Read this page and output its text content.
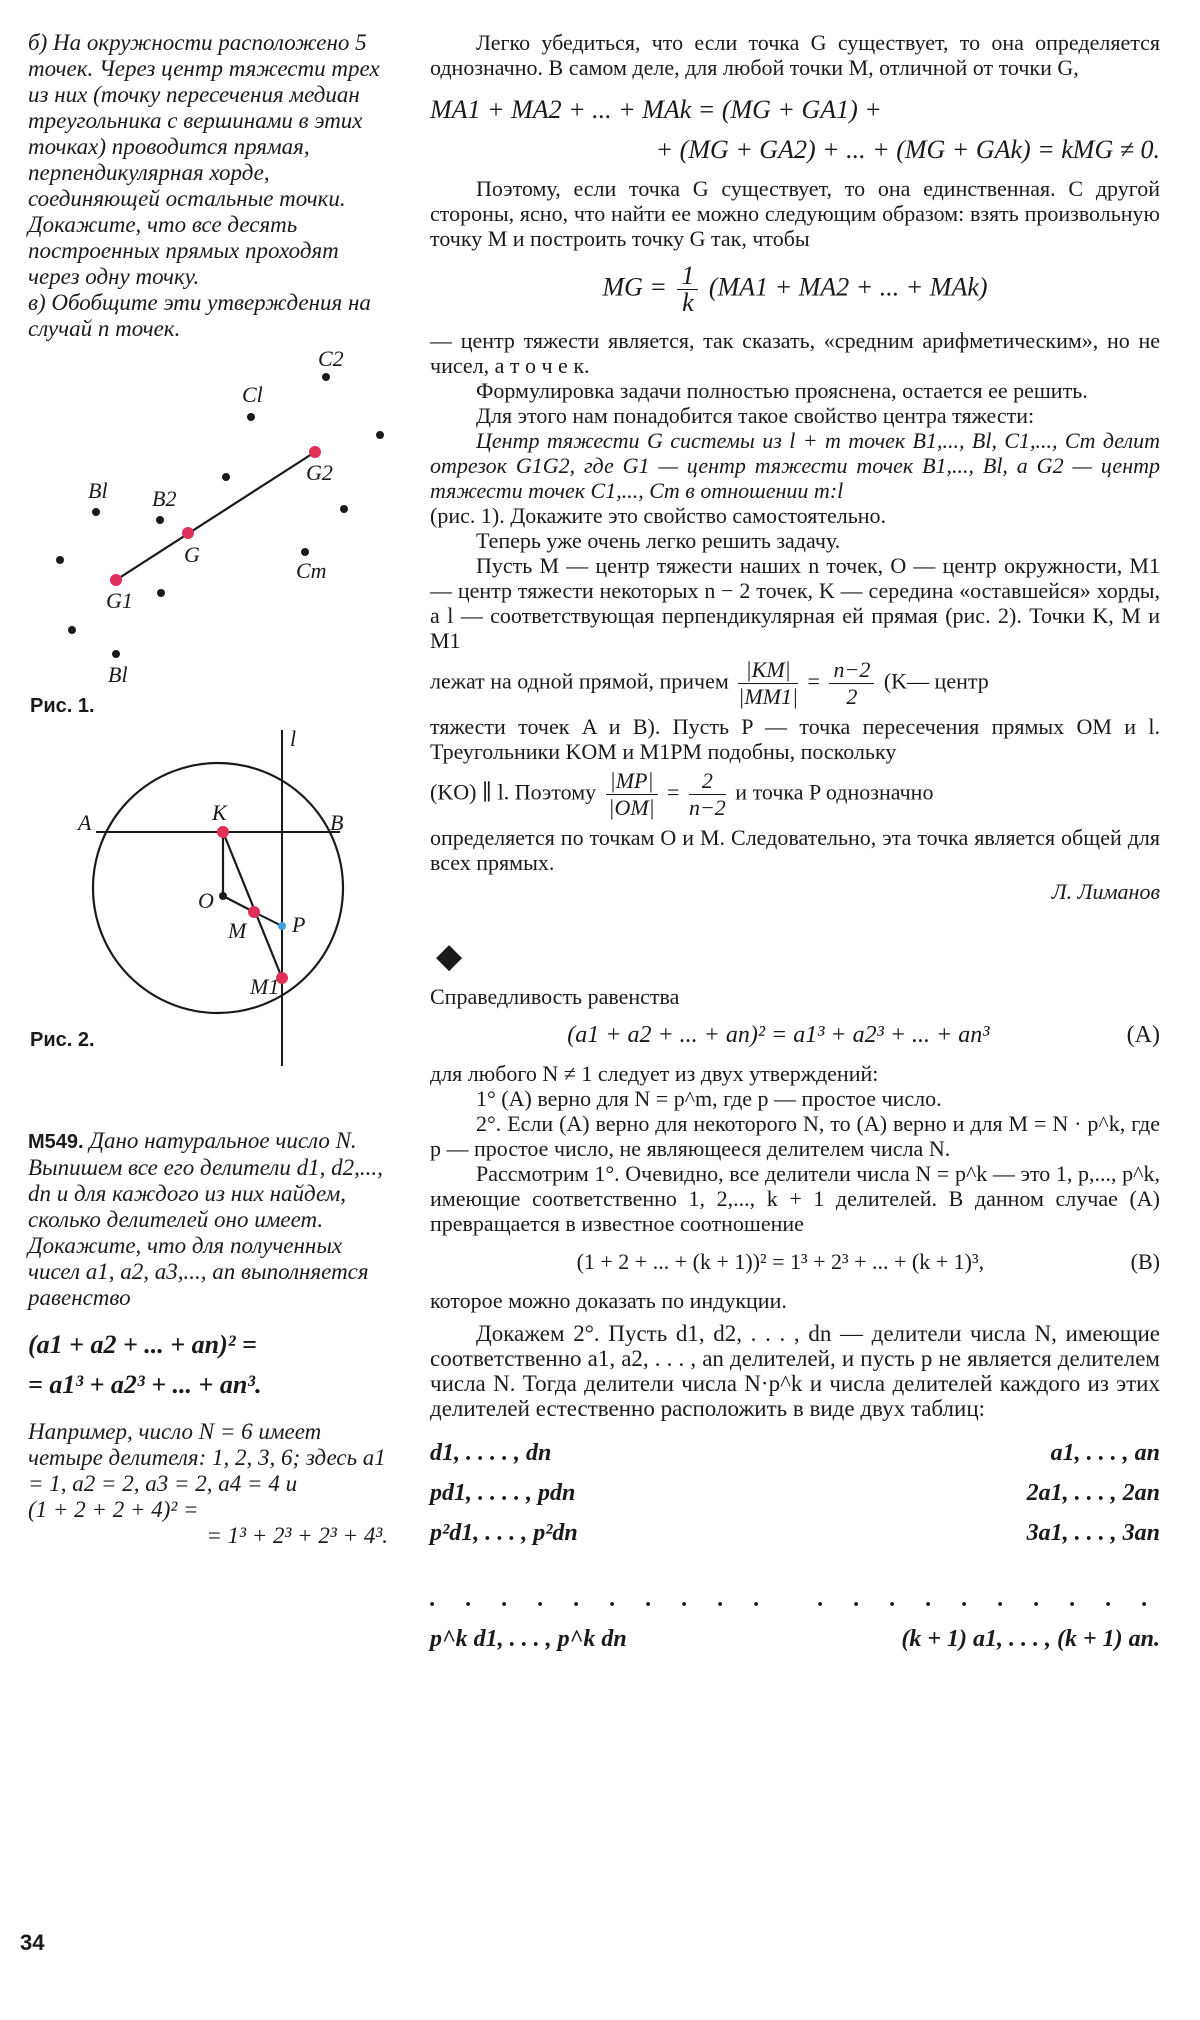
б) На окружности расположено 5 точек. Через центр тяжести трех из них (точку пересечения медиан треугольника с вершинами в этих точках) проводится прямая, перпендикулярная хорде, соединяющей остальные точки. Докажите, что все десять построенных прямых проходят через одну точку.

в) Обобщите эти утверждения на случай n точек.

C2
Cl
Bl B2
G2
G
Cm
G1
Bl
Рис. 1.
l
A	K	B
O
M P
M1
Рис. 2.

М549. Дано натуральное число N. Выпишем все его делители d1, d2,..., dn и для каждого из них найдем, сколько делителей оно имеет. Докажите, что для полученных чисел a1, a2, a3,..., an выполняется равенство

(a1 + a2 + ... + an)² =

= a1³ + a2³ + ... + an³.

Например, число N = 6 имеет четыре делителя: 1, 2, 3, 6; здесь a1 = 1, a2 = 2, a3 = 2, a4 = 4 и

(1 + 2 + 2 + 4)² =

= 1³ + 2³ + 2³ + 4³.

Легко убедиться, что если точка G существует, то она определяется однозначно. В самом деле, для любой точки M, отличной от точки G,

MA1 + MA2 + ... + MAk = (MG + GA1) +

+ (MG + GA2) + ... + (MG + GAk) = kMG ≠ 0.

Поэтому, если точка G существует, то она единственная. С другой стороны, ясно, что найти ее можно следующим образом: взять произвольную точку M и построить точку G так, чтобы

MG = $\frac{1}{k} (MA1 + MA2$ + ... + MAk)

— центр тяжести является, так сказать, «средним арифметическим», но не чисел, а т о ч е к.

Формулировка задачи полностью прояснена, остается ее решить.

Для этого нам понадобится такое свойство центра тяжести:

Центр тяжести G системы из l + m точек B1,..., Bl, C1,..., Cm делит отрезок G1G2, где G1 — центр тяжести точек B1,..., Bl, а G2 — центр тяжести точек C1,..., Cm в отношении m:l

(рис. 1). Докажите это свойство самостоятельно.

Теперь уже очень легко решить задачу.

Пусть M — центр тяжести наших n точек, O — центр окружности, M1 — центр тяжести некоторых n − 2 точек, K — середина «оставшейся» хорды, а l — соответствующая перпендикулярная ей прямая (рис. 2). Точки K, M и M1

лежат на одной прямой, причем $\frac{|KM|}{|MM1|} = \frac{n-2}{2}$ (K— центр

тяжести точек A и B). Пусть P — точка пересечения прямых OM и l. Треугольники KOM и M1PM подобны, поскольку

(KO) ∥ l. Поэтому $\frac{|MP|}{|OM|} = \frac{2}{n-2}$ и точка P однозначно

определяется по точкам O и M. Следовательно, эта точка является общей для всех прямых.

Л. Лиманов

◆

Справедливость равенства

(a1 + a2 + ... + an)² = a1³ + a2³ + ... + an³	(A)

для любого N ≠ 1 следует из двух утверждений:

1° (A) верно для N = p^m, где p — простое число.

2°. Если (A) верно для некоторого N, то (A) верно и для M = N · p^k, где p — простое число, не являющееся делителем числа N.

Рассмотрим 1°. Очевидно, все делители числа N = p^k — это 1, p,..., p^k, имеющие соответственно 1, 2,..., k + 1 делителей. В данном случае (A) превращается в известное соотношение

(1 + 2 + ... + (k + 1))² = 1³ + 2³ + ... + (k + 1)³,	(B)

которое можно доказать по индукции.

Докажем 2°. Пусть d1, d2, . . . , dn — делители числа N, имеющие соответственно a1, a2, . . . , an делителей, и пусть p не является делителем числа N. Тогда делители числа N·p^k и числа делителей каждого из этих делителей естественно расположить в виде двух таблиц:

d1, . . . . , dn	a1, . . . , an
pd1, . . . . , pdn	2a1, . . . , 2an
p²d1, . . . , p²dn	3a1, . . . , 3an
. . . . . . . . . . . . . . . . . . . .
p^k d1, . . . , p^k dn	(k + 1) a1, . . . , (k + 1) an.
34
